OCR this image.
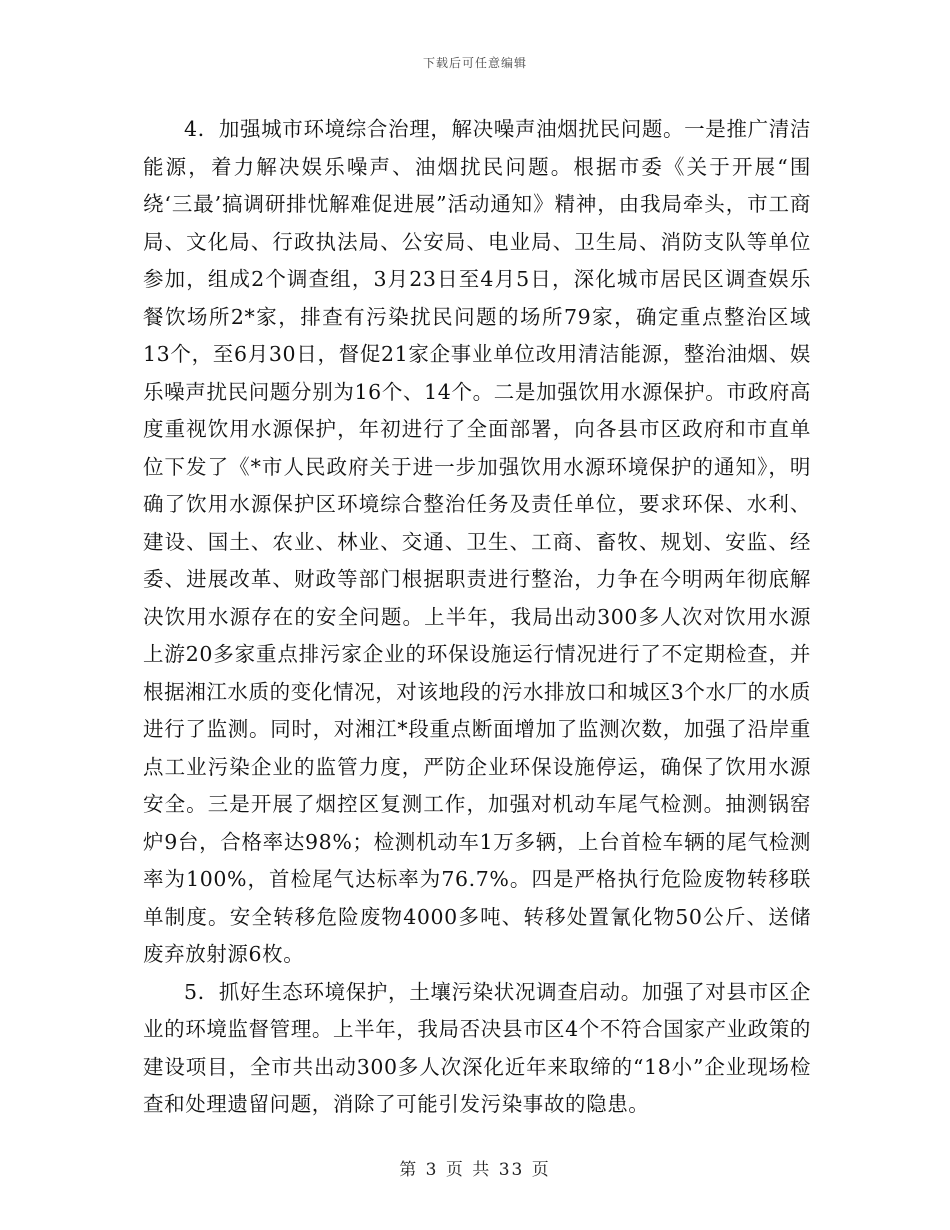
下载后可任意编辑

4．加强城市环境综合治理，解决噪声油烟扰民问题。一是推广清洁能源，着力解决娱乐噪声、油烟扰民问题。根据市委《关于开展“围绕‘三最’搞调研排忧解难促进展”活动通知》精神，由我局牵头，市工商局、文化局、行政执法局、公安局、电业局、卫生局、消防支队等单位参加，组成2个调查组，3月23日至4月5日，深化城市居民区调查娱乐餐饮场所2*家，排查有污染扰民问题的场所79家，确定重点整治区域13个，至6月30日，督促21家企事业单位改用清洁能源，整治油烟、娱乐噪声扰民问题分别为16个、14个。二是加强饮用水源保护。市政府高度重视饮用水源保护，年初进行了全面部署，向各县市区政府和市直单位下发了《*市人民政府关于进一步加强饮用水源环境保护的通知》，明确了饮用水源保护区环境综合整治任务及责任单位，要求环保、水利、建设、国土、农业、林业、交通、卫生、工商、畜牧、规划、安监、经委、进展改革、财政等部门根据职责进行整治，力争在今明两年彻底解决饮用水源存在的安全问题。上半年，我局出动300多人次对饮用水源上游20多家重点排污家企业的环保设施运行情况进行了不定期检查，并根据湘江水质的变化情况，对该地段的污水排放口和城区3个水厂的水质进行了监测。同时，对湘江*段重点断面增加了监测次数，加强了沿岸重点工业污染企业的监管力度，严防企业环保设施停运，确保了饮用水源安全。三是开展了烟控区复测工作，加强对机动车尾气检测。抽测锅窑炉9台，合格率达98%；检测机动车1万多辆，上台首检车辆的尾气检测率为100%，首检尾气达标率为76.7%。四是严格执行危险废物转移联单制度。安全转移危险废物4000多吨、转移处置氰化物50公斤、送储废弃放射源6枚。

5．抓好生态环境保护，土壤污染状况调查启动。加强了对县市区企业的环境监督管理。上半年，我局否决县市区4个不符合国家产业政策的建设项目，全市共出动300多人次深化近年来取缔的“18小”企业现场检查和处理遗留问题，消除了可能引发污染事故的隐患。

第 3 页 共 33 页
